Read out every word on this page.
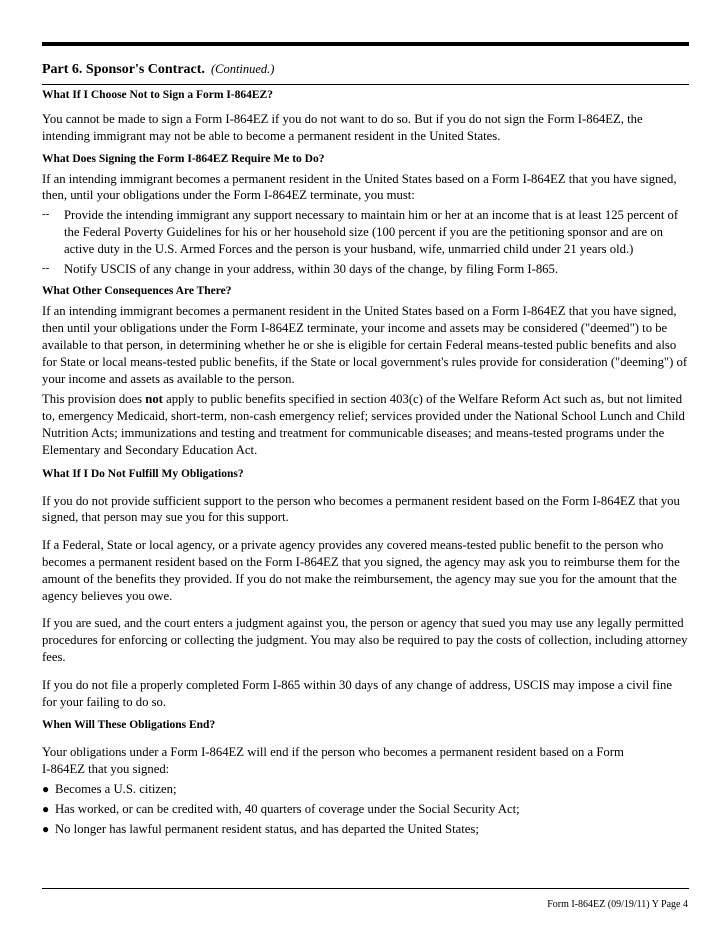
Part 6. Sponsor's Contract. (Continued.)
What If I Choose Not to Sign a Form I-864EZ?

You cannot be made to sign a Form I-864EZ if you do not want to do so. But if you do not sign the Form I-864EZ, the intending immigrant may not be able to become a permanent resident in the United States.

What Does Signing the Form I-864EZ Require Me to Do?

If an intending immigrant becomes a permanent resident in the United States based on a Form I-864EZ that you have signed, then, until your obligations under the Form I-864EZ terminate, you must:

--	Provide the intending immigrant any support necessary to maintain him or her at an income that is at least 125 percent of the Federal Poverty Guidelines for his or her household size (100 percent if you are the petitioning sponsor and are on active duty in the U.S. Armed Forces and the person is your husband, wife, unmarried child under 21 years old.)
--	Notify USCIS of any change in your address, within 30 days of the change, by filing Form I-865.
What Other Consequences Are There?

If an intending immigrant becomes a permanent resident in the United States based on a Form I-864EZ that you have signed, then until your obligations under the Form I-864EZ terminate, your income and assets may be considered ("deemed") to be available to that person, in determining whether he or she is eligible for certain Federal means-tested public benefits and also for State or local means-tested public benefits, if the State or local government's rules provide for consideration ("deeming") of your income and assets as available to the person.

This provision does not apply to public benefits specified in section 403(c) of the Welfare Reform Act such as, but not limited to, emergency Medicaid, short-term, non-cash emergency relief; services provided under the National School Lunch and Child Nutrition Acts; immunizations and testing and treatment for communicable diseases; and means-tested programs under the Elementary and Secondary Education Act.

What If I Do Not Fulfill My Obligations?

If you do not provide sufficient support to the person who becomes a permanent resident based on the Form I-864EZ that you signed, that person may sue you for this support.

If a Federal, State or local agency, or a private agency provides any covered means-tested public benefit to the person who becomes a permanent resident based on the Form I-864EZ that you signed, the agency may ask you to reimburse them for the amount of the benefits they provided. If you do not make the reimbursement, the agency may sue you for the amount that the agency believes you owe.

If you are sued, and the court enters a judgment against you, the person or agency that sued you may use any legally permitted procedures for enforcing or collecting the judgment. You may also be required to pay the costs of collection, including attorney fees.

If you do not file a properly completed Form I-865 within 30 days of any change of address, USCIS may impose a civil fine for your failing to do so.

When Will These Obligations End?

Your obligations under a Form I-864EZ will end if the person who becomes a permanent resident based on a Form

I-864EZ that you signed:

● Becomes a U.S. citizen;
● Has worked, or can be credited with, 40 quarters of coverage under the Social Security Act;
● No longer has lawful permanent resident status, and has departed the United States;
Form I-864EZ (09/19/11) Y Page 4
